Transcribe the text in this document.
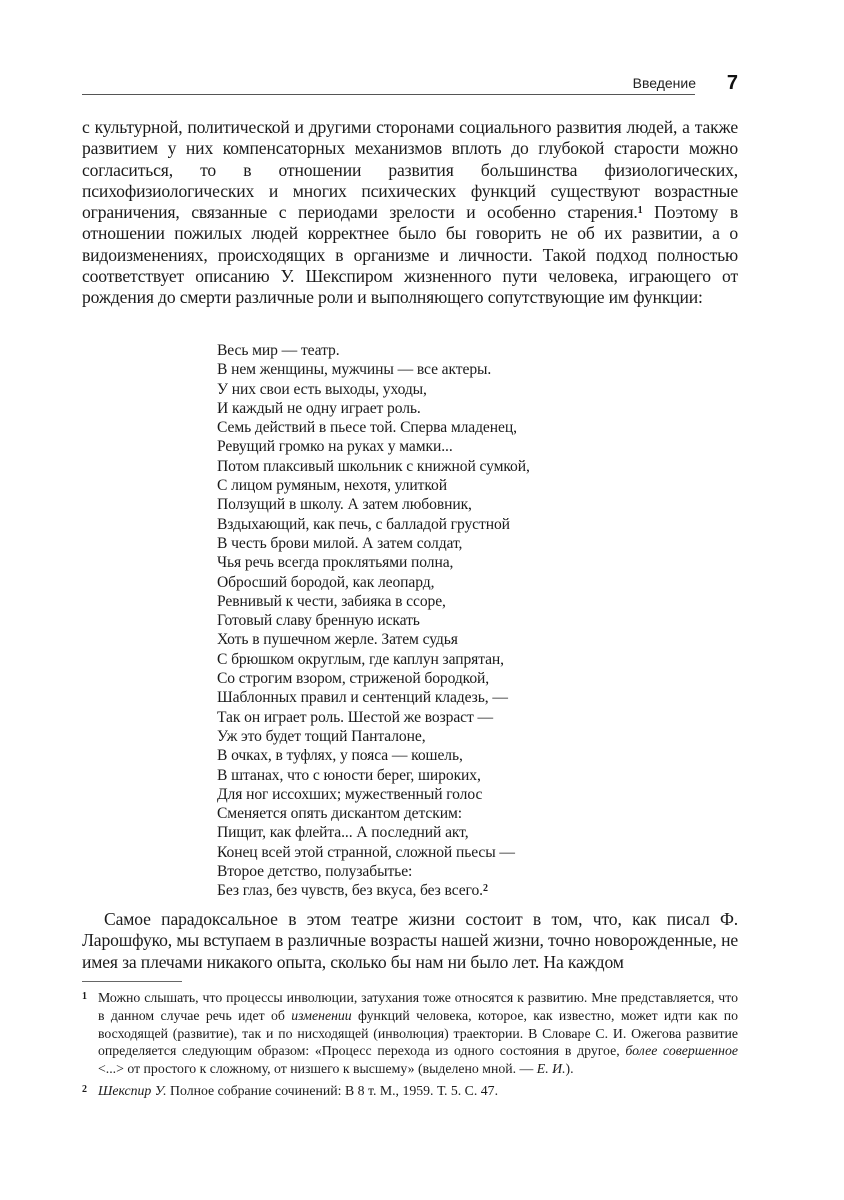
Введение 7

с культурной, политической и другими сторонами социального развития людей, а также развитием у них компенсаторных механизмов вплоть до глубокой старости можно согласиться, то в отношении развития большинства физиологических, психофизиологических и многих психических функций существуют возрастные ограничения, связанные с периодами зрелости и особенно старения.$^1$ Поэтому в отношении пожилых людей корректнее было бы говорить не об их развитии, а о видоизменениях, происходящих в организме и личности. Такой подход полностью соответствует описанию У. Шекспиром жизненного пути человека, играющего от рождения до смерти различные роли и выполняющего сопутствующие им функции:

Весь мир — театр.
В нем женщины, мужчины — все актеры.
У них свои есть выходы, уходы,
И каждый не одну играет роль.
Семь действий в пьесе той. Сперва младенец,
Ревущий громко на руках у мамки...
Потом плаксивый школьник с книжной сумкой,
С лицом румяным, нехотя, улиткой
Ползущий в школу. А затем любовник,
Вздыхающий, как печь, с балладой грустной
В честь брови милой. А затем солдат,
Чья речь всегда проклятьями полна,
Обросший бородой, как леопард,
Ревнивый к чести, забияка в ссоре,
Готовый славу бренную искать
Хоть в пушечном жерле. Затем судья
С брюшком округлым, где каплун запрятан,
Со строгим взором, стриженой бородкой,
Шаблонных правил и сентенций кладезь, —
Так он играет роль. Шестой же возраст —
Уж это будет тощий Панталоне,
В очках, в туфлях, у пояса — кошель,
В штанах, что с юности берег, широких,
Для ног иссохших; мужественный голос
Сменяется опять дискантом детским:
Пищит, как флейта... А последний акт,
Конец всей этой странной, сложной пьесы —
Второе детство, полузабытье:
Без глаз, без чувств, без вкуса, без всего.$^2$

Самое парадоксальное в этом театре жизни состоит в том, что, как писал Ф. Ларошфуко, мы вступаем в различные возрасты нашей жизни, точно новорожденные, не имея за плечами никакого опыта, сколько бы нам ни было лет. На каждом

1 Можно слышать, что процессы инволюции, затухания тоже относятся к развитию. Мне представляется, что в данном случае речь идет об изменении функций человека, которое, как известно, может идти как по восходящей (развитие), так и по нисходящей (инволюция) траектории. В Словаре С. И. Ожегова развитие определяется следующим образом: «Процесс перехода из одного состояния в другое, более совершенное <...> от простого к сложному, от низшего к высшему» (выделено мной. — Е. И.).
2 Шекспир У. Полное собрание сочинений: В 8 т. М., 1959. Т. 5. С. 47.
